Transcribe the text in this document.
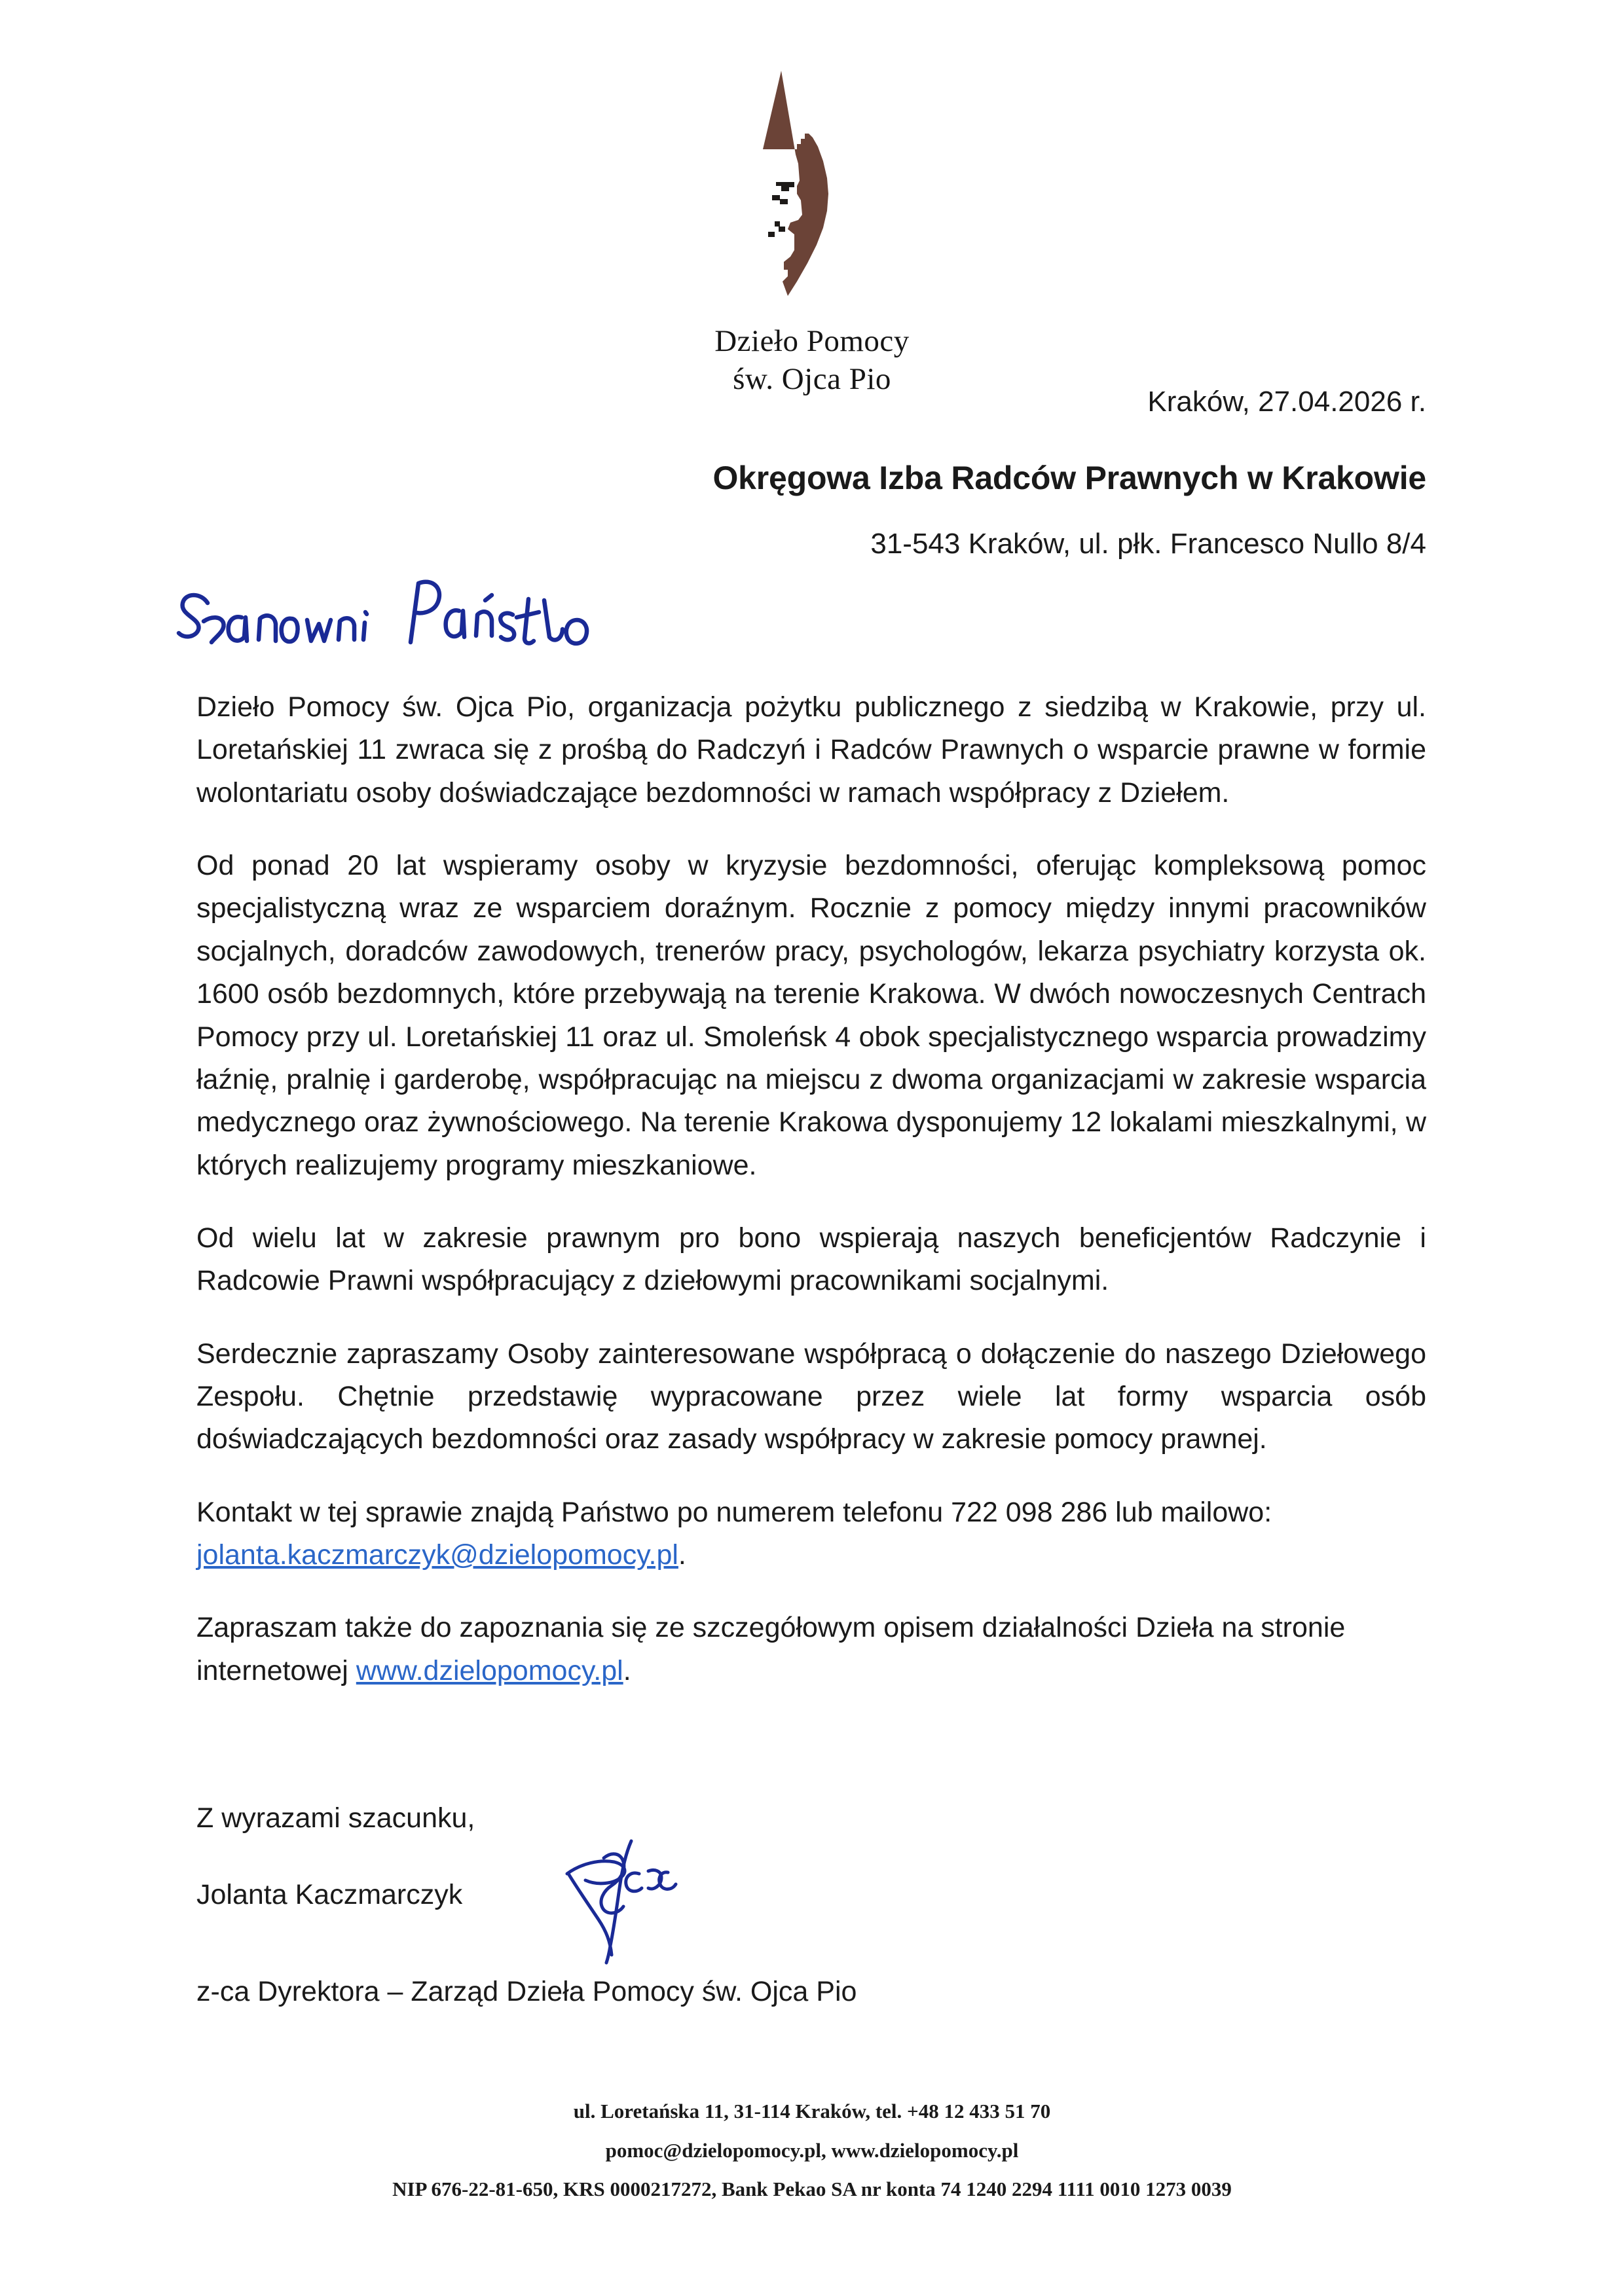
Dzieło Pomocy
św. Ojca Pio
Kraków, 27.04.2026 r.
Okręgowa Izba Radców Prawnych w Krakowie
31-543 Kraków, ul. płk. Francesco Nullo 8/4

Dzieło Pomocy św. Ojca Pio, organizacja pożytku publicznego z siedzibą w Krakowie, przy ul. Loretańskiej 11 zwraca się z prośbą do Radczyń i Radców Prawnych o wsparcie prawne w formie wolontariatu osoby doświadczające bezdomności w ramach współpracy z Dziełem.

Od ponad 20 lat wspieramy osoby w kryzysie bezdomności, oferując kompleksową pomoc specjalistyczną wraz ze wsparciem doraźnym. Rocznie z pomocy między innymi pracowników socjalnych, doradców zawodowych, trenerów pracy, psychologów, lekarza psychiatry korzysta ok. 1600 osób bezdomnych, które przebywają na terenie Krakowa. W dwóch nowoczesnych Centrach Pomocy przy ul. Loretańskiej 11 oraz ul. Smoleńsk 4 obok specjalistycznego wsparcia prowadzimy łaźnię, pralnię i garderobę, współpracując na miejscu z dwoma organizacjami w zakresie wsparcia medycznego oraz żywnościowego. Na terenie Krakowa dysponujemy 12 lokalami mieszkalnymi, w których realizujemy programy mieszkaniowe.

Od wielu lat w zakresie prawnym pro bono wspierają naszych beneficjentów Radczynie i Radcowie Prawni współpracujący z dziełowymi pracownikami socjalnymi.

Serdecznie zapraszamy Osoby zainteresowane współpracą o dołączenie do naszego Dziełowego Zespołu. Chętnie przedstawię wypracowane przez wiele lat formy wsparcia osób doświadczających bezdomności oraz zasady współpracy w zakresie pomocy prawnej.

Kontakt w tej sprawie znajdą Państwo po numerem telefonu 722 098 286 lub mailowo: jolanta.kaczmarczyk@dzielopomocy.pl.

Zapraszam także do zapoznania się ze szczegółowym opisem działalności Dzieła na stronie internetowej www.dzielopomocy.pl.

Z wyrazami szacunku,
Jolanta Kaczmarczyk
z-ca Dyrektora – Zarząd Dzieła Pomocy św. Ojca Pio
ul. Loretańska 11, 31-114 Kraków, tel. +48 12 433 51 70
pomoc@dzielopomocy.pl, www.dzielopomocy.pl
NIP 676-22-81-650, KRS 0000217272, Bank Pekao SA nr konta 74 1240 2294 1111 0010 1273 0039
